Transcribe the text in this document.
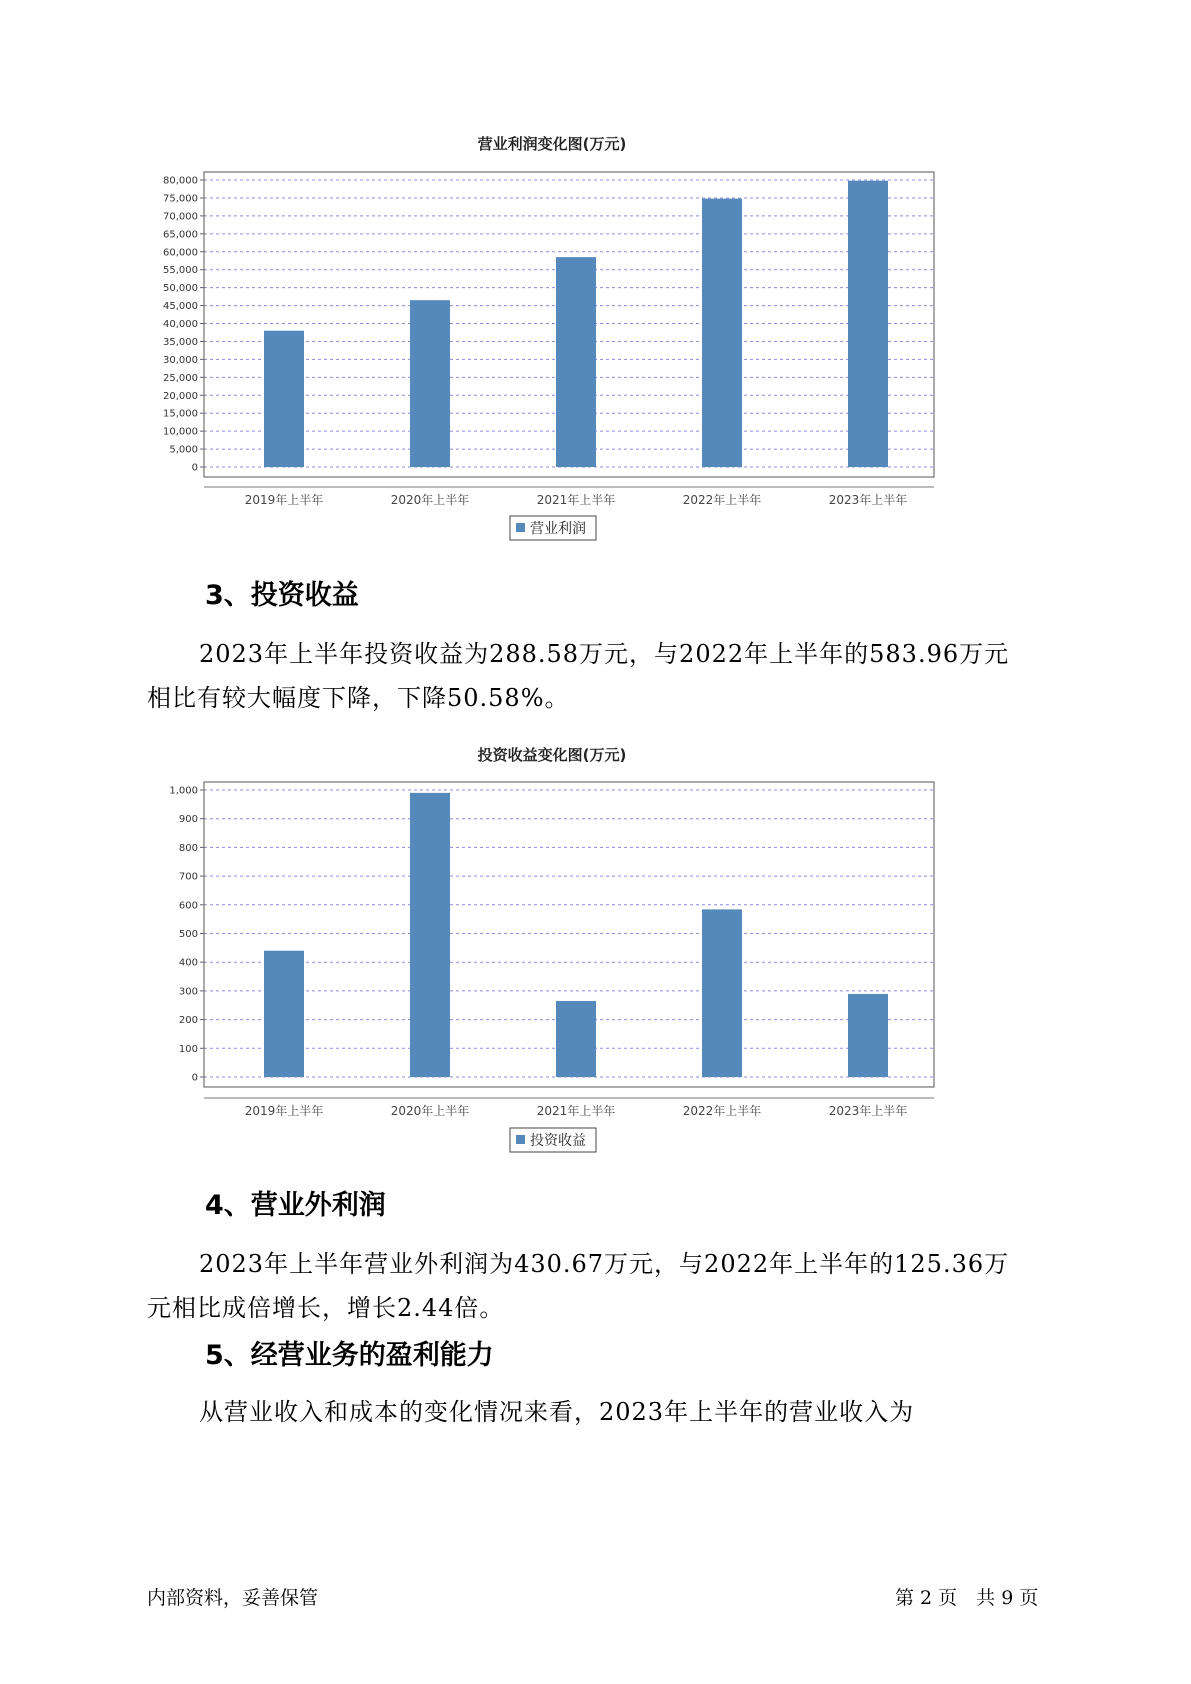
营业利润变化图(万元)
0
5,000
10,000
15,000
20,000
25,000
30,000
35,000
40,000
45,000
50,000
55,000
60,000
65,000
70,000
75,000
80,000
2019年上半年	2020年上半年	2021年上半年	2022年上半年	2023年上半年
营业利润
3、投资收益
2023年上半年投资收益为288.58万元，与2022年上半年的583.96万元
相比有较大幅度下降，下降50.58%。
投资收益变化图(万元)
0
100
200
300
400
500
600
700
800
900
1,000
2019年上半年	2020年上半年	2021年上半年	2022年上半年	2023年上半年
投资收益
4、营业外利润
2023年上半年营业外利润为430.67万元，与2022年上半年的125.36万
元相比成倍增长，增长2.44倍。
5、经营业务的盈利能力
从营业收入和成本的变化情况来看，2023年上半年的营业收入为
内部资料，妥善保管	第 2 页　共 9 页
